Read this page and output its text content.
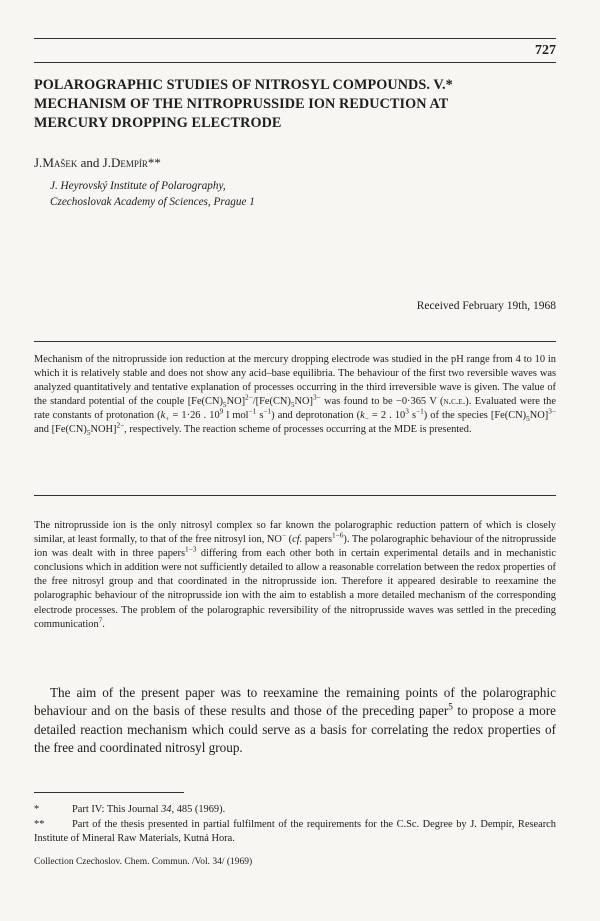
727
POLAROGRAPHIC STUDIES OF NITROSYL COMPOUNDS. V.*
MECHANISM OF THE NITROPRUSSIDE ION REDUCTION AT
MERCURY DROPPING ELECTRODE
J.Mašek and J.Dempír**
J. Heyrovský Institute of Polarography,
Czechoslovak Academy of Sciences, Prague 1
Received February 19th, 1968
Mechanism of the nitroprusside ion reduction at the mercury dropping electrode was studied in the pH range from 4 to 10 in which it is relatively stable and does not show any acid–base equilibria. The behaviour of the first two reversible waves was analyzed quantitatively and tentative explanation of processes occurring in the third irreversible wave is given. The value of the standard potential of the couple $[Fe(CN)_5NO]^{2-}/[Fe(CN)_5NO]^{3-}$ was found to be −0·365 V (n.c.e.). Evaluated were the rate constants of protonation ($k_+ = 1\cdot 26$ . $10^9$ l mol$^{-1}$ $s^{-1}$) and deprotonation ($k_- = 2$ . $10^3$ $s^{-1}$) of the species $[Fe(CN)_5NO]^{3-}$ and $[Fe(CN)_5NOH]^{2-}$, respectively. The reaction scheme of processes occurring at the MDE is presented.
The nitroprusside ion is the only nitrosyl complex so far known the polarographic reduction pattern of which is closely similar, at least formally, to that of the free nitrosyl ion, NO− (cf. papers$^{1-6}$). The polarographic behaviour of the nitroprusside ion was dealt with in three papers$^{1-3}$ differing from each other both in certain experimental details and in mechanistic conclusions which in addition were not sufficiently detailed to allow a reasonable correlation between the redox properties of the free nitrosyl group and that coordinated in the nitroprusside ion. Therefore it appeared desirable to reexamine the polarographic behaviour of the nitroprusside ion with the aim to establish a more detailed mechanism of the corresponding electrode processes. The problem of the polarographic reversibility of the nitroprusside waves was settled in the preceding communication$^7$.
The aim of the present paper was to reexamine the remaining points of the polarographic behaviour and on the basis of these results and those of the preceding paper$^5$ to propose a more detailed reaction mechanism which could serve as a basis for correlating the redox properties of the free and coordinated nitrosyl group.
*	Part IV: This Journal 34, 485 (1969).
**	Part of the thesis presented in partial fulfilment of the requirements for the C.Sc. Degree by J. Dempír, Research Institute of Mineral Raw Materials, Kutná Hora.
Collection Czechoslov. Chem. Commun. /Vol. 34/ (1969)
